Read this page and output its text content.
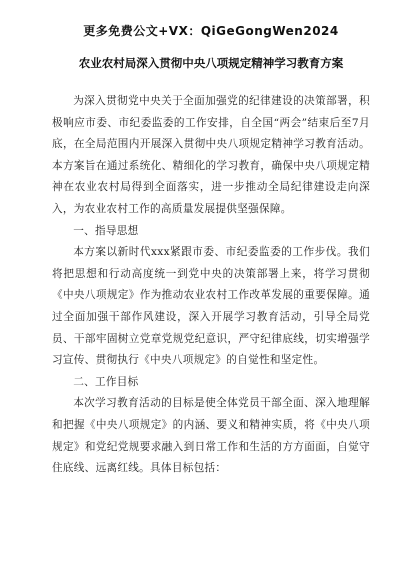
更多免费公文+VX：QiGeGongWen2024
农业农村局深入贯彻中央八项规定精神学习教育方案

为深入贯彻党中央关于全面加强党的纪律建设的决策部署，积极响应市委、市纪委监委的工作安排，自全国“两会”结束后至7月底，在全局范围内开展深入贯彻中央八项规定精神学习教育活动。本方案旨在通过系统化、精细化的学习教育，确保中央八项规定精神在农业农村局得到全面落实，进一步推动全局纪律建设走向深入，为农业农村工作的高质量发展提供坚强保障。

一、指导思想

本方案以新时代xxx紧跟市委、市纪委监委的工作步伐。我们将把思想和行动高度统一到党中央的决策部署上来，将学习贯彻《中央八项规定》作为推动农业农村工作改革发展的重要保障。通过全面加强干部作风建设，深入开展学习教育活动，引导全局党员、干部牢固树立党章党规党纪意识，严守纪律底线，切实增强学习宣传、贯彻执行《中央八项规定》的自觉性和坚定性。

二、工作目标

本次学习教育活动的目标是使全体党员干部全面、深入地理解和把握《中央八项规定》的内涵、要义和精神实质，将《中央八项规定》和党纪党规要求融入到日常工作和生活的方方面面，自觉守住底线、远离红线。具体目标包括：
